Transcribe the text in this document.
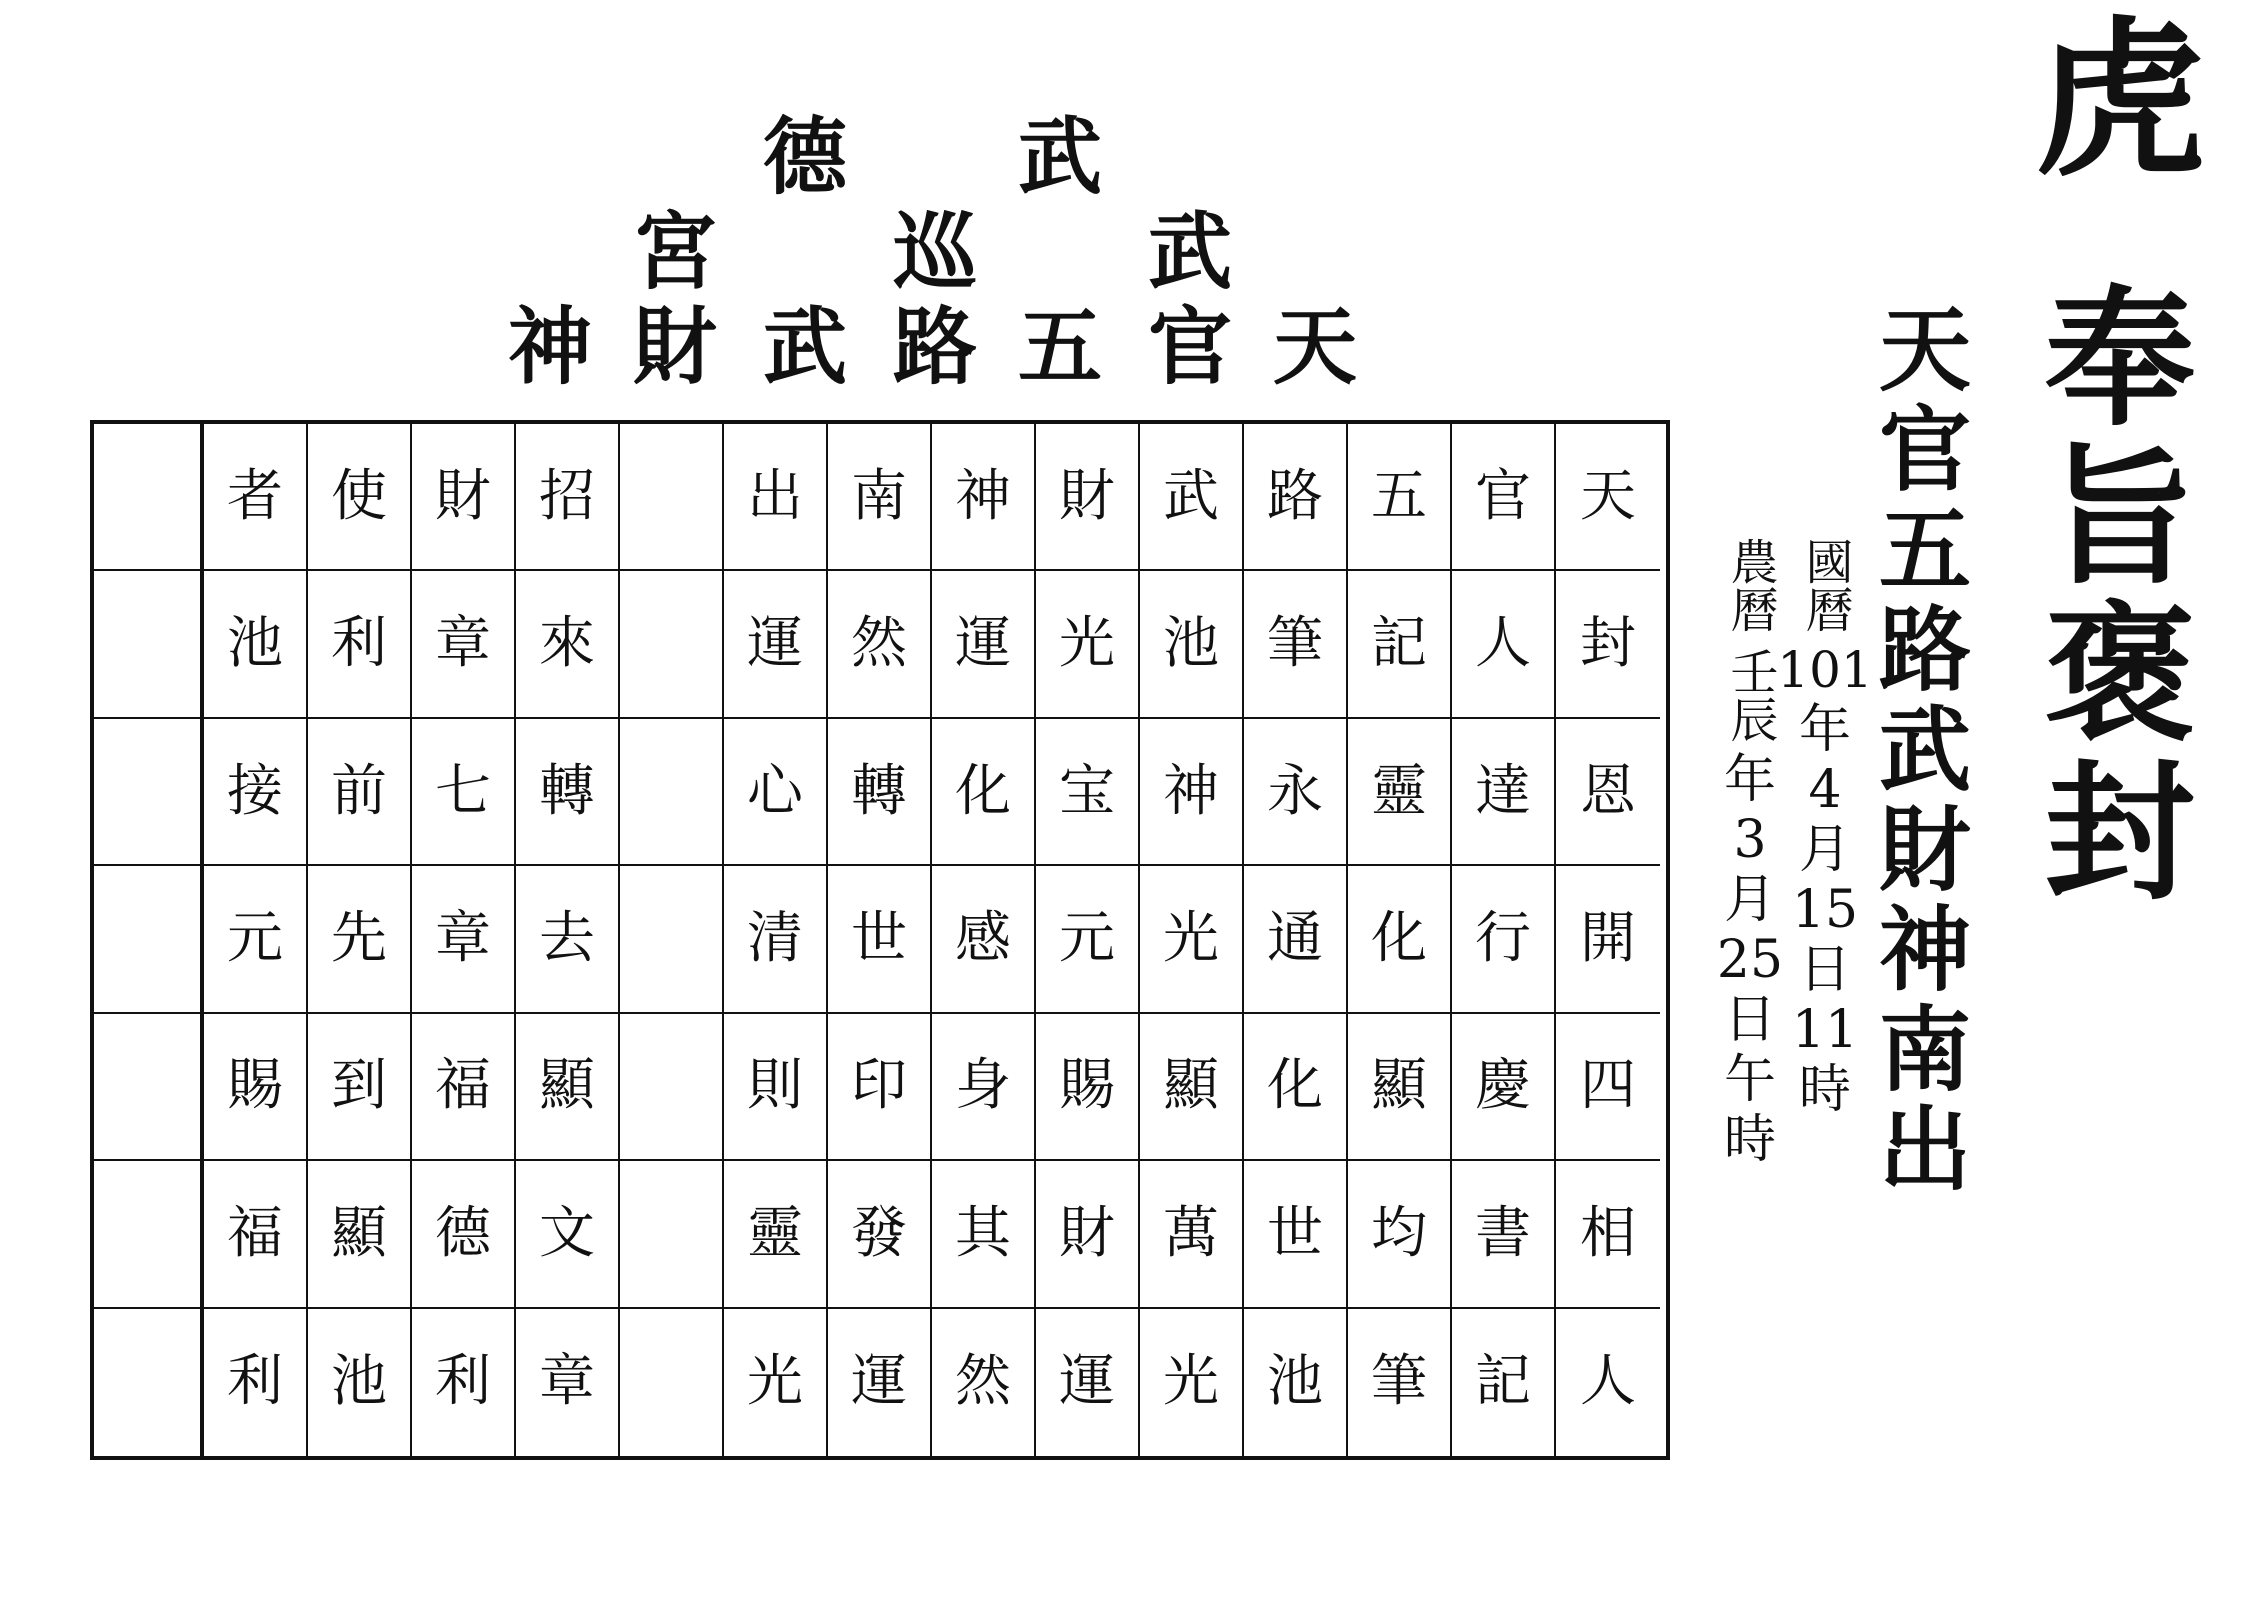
虎
奉
旨
褒
封
天
官
五
路
武
財
神
南
出
國曆
101
年
4
月
15
日
11
時
農曆
壬辰
年
3
月
25
日
午
時
德 武
宮 巡 武
神 財 武 路 五 官 天
者 使 財 招	出 南 神 財 武 路 五 官 天
池 利 章 來	運 然 運 光 池 筆 記 人 封
接 前 七 轉	心 轉 化 宝 神 永 靈 達 恩
元 先 章 去	清 世 感 元 光 通 化 行 開
賜 到 福 顯	則 印 身 賜 顯 化 顯 慶 四
福 顯 德 文	靈 發 其 財 萬 世 均 書 相
利 池 利 章	光 運 然 運 光 池 筆 記 人
